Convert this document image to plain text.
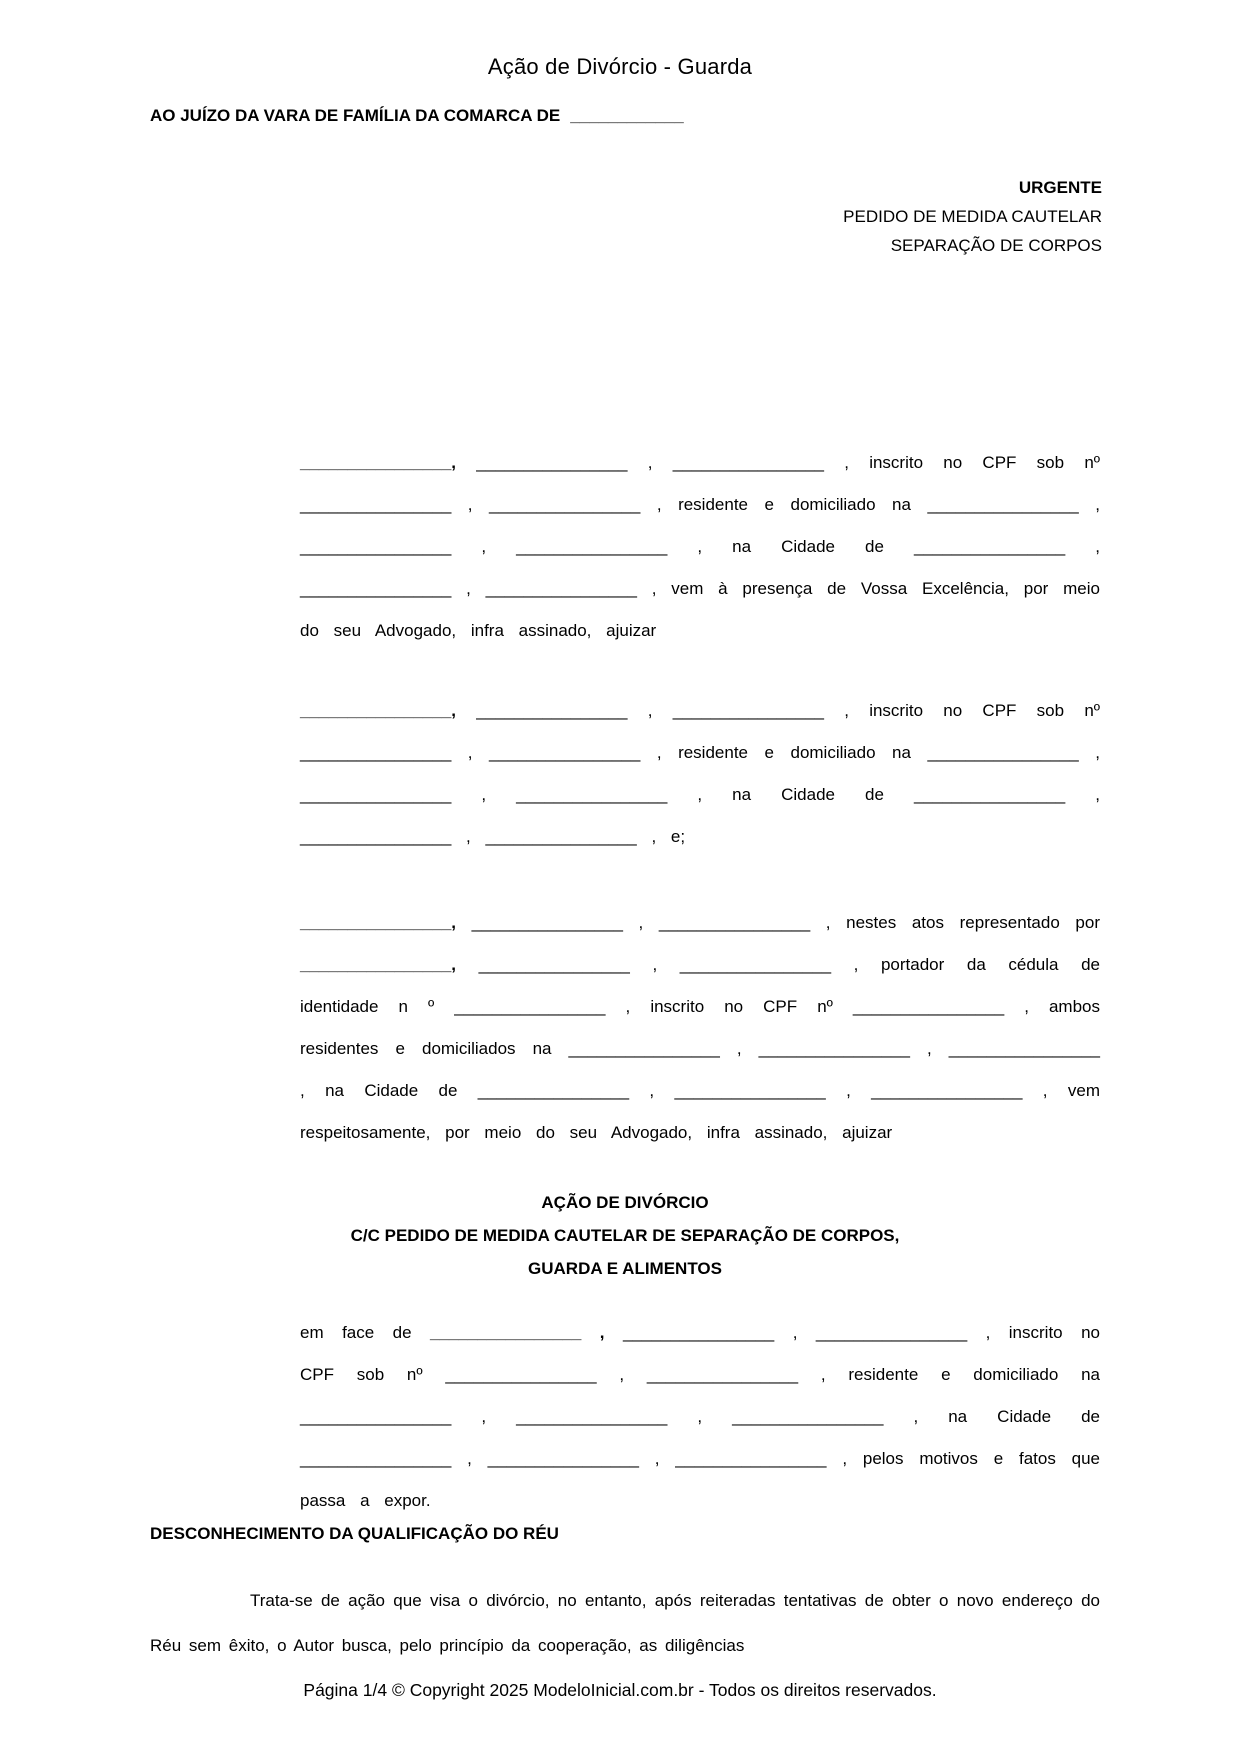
Ação de Divórcio - Guarda
AO JUÍZO DA VARA DE FAMÍLIA DA COMARCA DE ____________
URGENTE
PEDIDO DE MEDIDA CAUTELAR
SEPARAÇÃO DE CORPOS

________________, ________________ , ________________ , inscrito no CPF sob nº ________________ , ________________ , residente e domiciliado na ________________ , ________________ , ________________ , na Cidade de ________________ , ________________ , ________________ , vem à presença de Vossa Excelência, por meio do seu Advogado, infra assinado, ajuizar

________________, ________________ , ________________ , inscrito no CPF sob nº ________________ , ________________ , residente e domiciliado na ________________ , ________________ , ________________ , na Cidade de ________________ , ________________ , ________________ , e;

________________, ________________ , ________________ , nestes atos representado por ________________, ________________ , ________________ , portador da cédula de identidade n º ________________ , inscrito no CPF nº ________________ , ambos residentes e domiciliados na ________________ , ________________ , ________________ , na Cidade de ________________ , ________________ , ________________ , vem respeitosamente, por meio do seu Advogado, infra assinado, ajuizar

AÇÃO DE DIVÓRCIO
C/C PEDIDO DE MEDIDA CAUTELAR DE SEPARAÇÃO DE CORPOS,
GUARDA E ALIMENTOS

em face de ________________ , ________________ , ________________ , inscrito no CPF sob nº ________________ , ________________ , residente e domiciliado na ________________ , ________________ , ________________ , na Cidade de ________________ , ________________ , ________________ , pelos motivos e fatos que passa a expor.

DESCONHECIMENTO DA QUALIFICAÇÃO DO RÉU

Trata-se de ação que visa o divórcio, no entanto, após reiteradas tentativas de obter o novo endereço do Réu sem êxito, o Autor busca, pelo princípio da cooperação, as diligências

Página 1/4 © Copyright 2025 ModeloInicial.com.br - Todos os direitos reservados.
